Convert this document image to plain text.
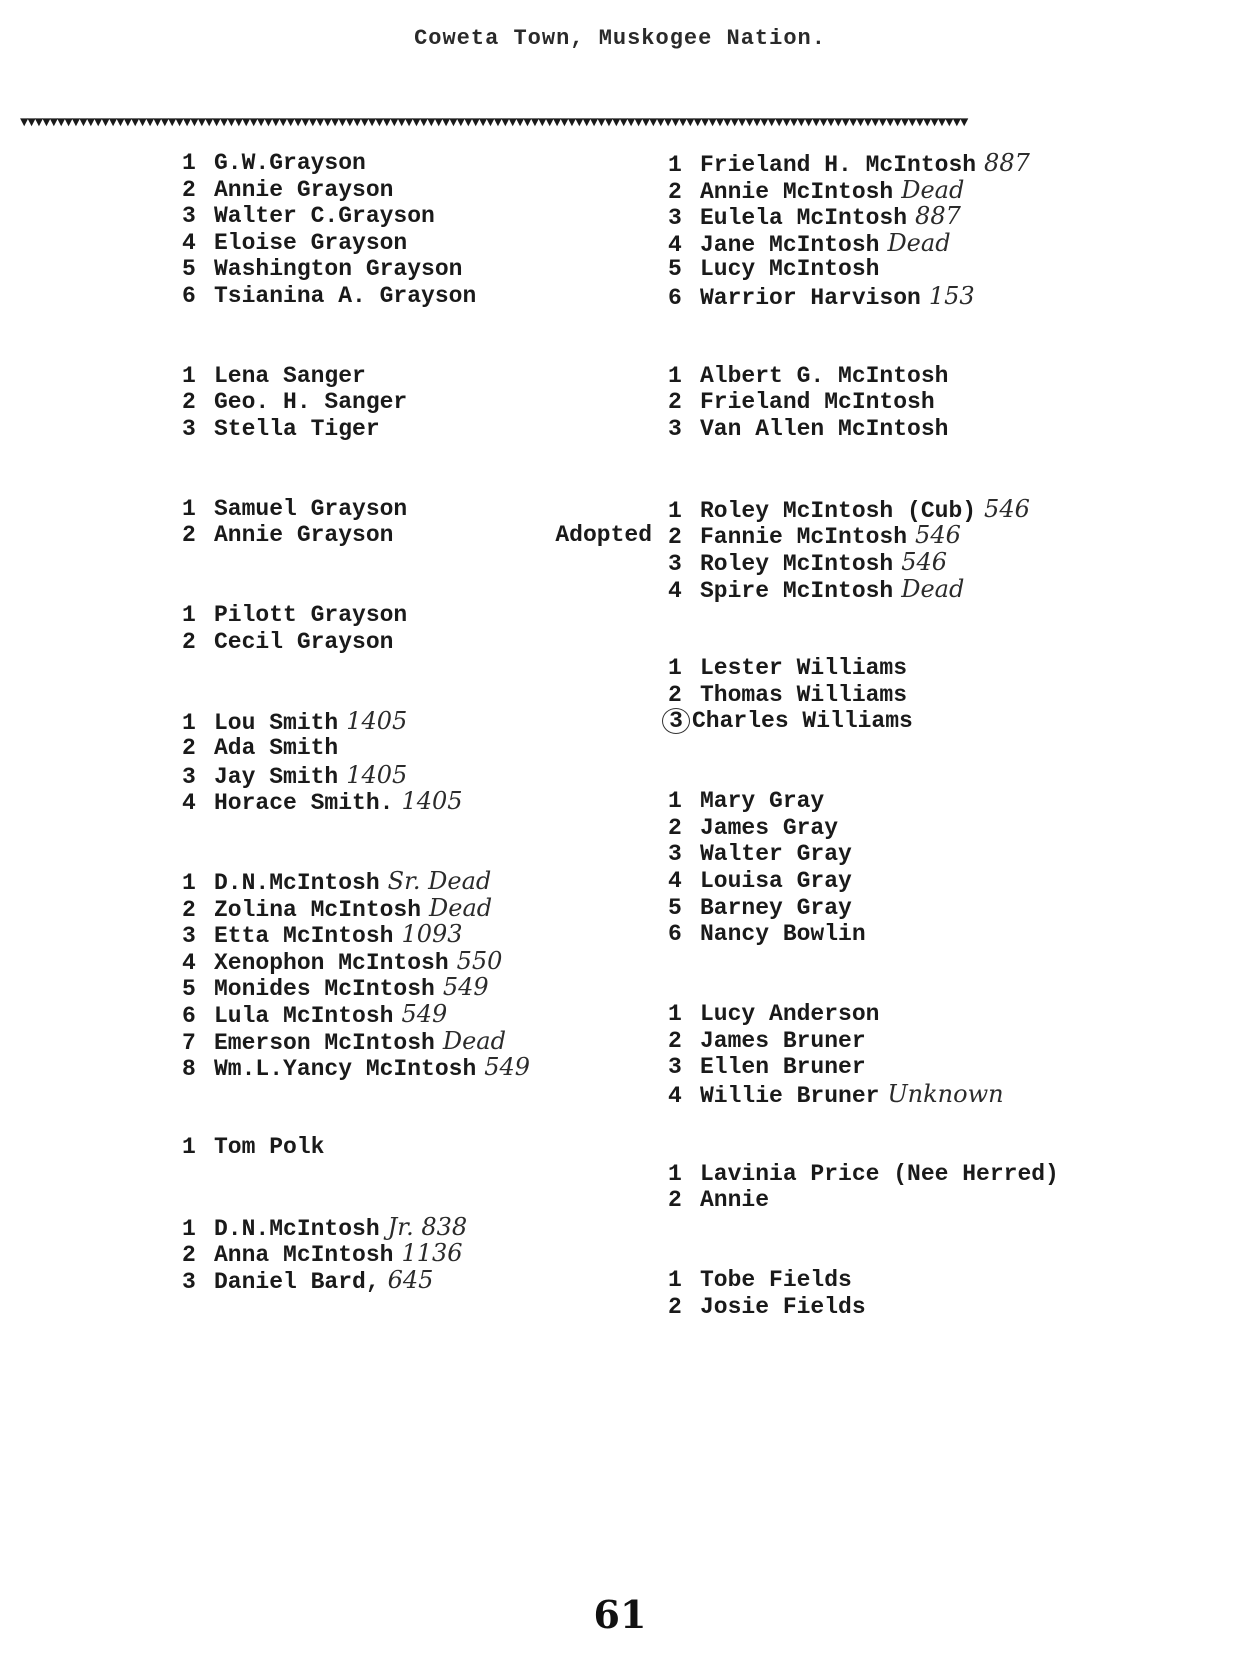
Coweta Town, Muskogee Nation.
▼▼▼▼▼▼▼▼▼▼▼▼▼▼▼▼▼▼▼▼▼▼▼▼▼▼▼▼▼▼▼▼▼▼▼▼▼▼▼▼▼▼▼▼▼▼▼▼▼▼▼▼▼▼▼▼▼▼▼▼▼▼▼▼▼▼▼▼▼▼▼▼▼▼▼▼▼▼▼▼▼▼▼▼▼▼▼▼▼▼▼▼▼▼▼▼▼▼▼▼▼▼▼▼▼▼▼▼▼▼▼▼▼▼▼▼▼▼▼▼▼▼▼▼▼▼▼▼
1 G.W.Grayson
2 Annie Grayson
3 Walter C.Grayson
4 Eloise Grayson
5 Washington Grayson
6 Tsianina A. Grayson
1 Lena Sanger
2 Geo. H. Sanger
3 Stella Tiger
1 Samuel Grayson
2 Annie Grayson
1 Pilott Grayson
2 Cecil Grayson
1 Lou Smith 1405
2 Ada Smith
3 Jay Smith 1405
4 Horace Smith. 1405
1 D.N.McIntosh Sr. Dead
2 Zolina McIntosh Dead
3 Etta McIntosh 1093
4 Xenophon McIntosh 550
5 Monides McIntosh 549
6 Lula McIntosh 549
7 Emerson McIntosh Dead
8 Wm.L.Yancy McIntosh 549
1 Tom Polk
1 D.N.McIntosh Jr. 838
2 Anna McIntosh 1136
3 Daniel Bard, 645
1 Frieland H. McIntosh 887
2 Annie McIntosh Dead
3 Eulela McIntosh 887
4 Jane McIntosh Dead
5 Lucy McIntosh
6 Warrior Harvison 153
1 Albert G. McIntosh
2 Frieland McIntosh
3 Van Allen McIntosh
1 Roley McIntosh (Cub) 546
Adopted 2 Fannie McIntosh 546
3 Roley McIntosh 546
4 Spire McIntosh Dead
1 Lester Williams
2 Thomas Williams
3 Charles Williams
1 Mary Gray
2 James Gray
3 Walter Gray
4 Louisa Gray
5 Barney Gray
6 Nancy Bowlin
1 Lucy Anderson
2 James Bruner
3 Ellen Bruner
4 Willie Bruner Unknown
1 Lavinia Price (Nee Herred)
2 Annie
1 Tobe Fields
2 Josie Fields
61
